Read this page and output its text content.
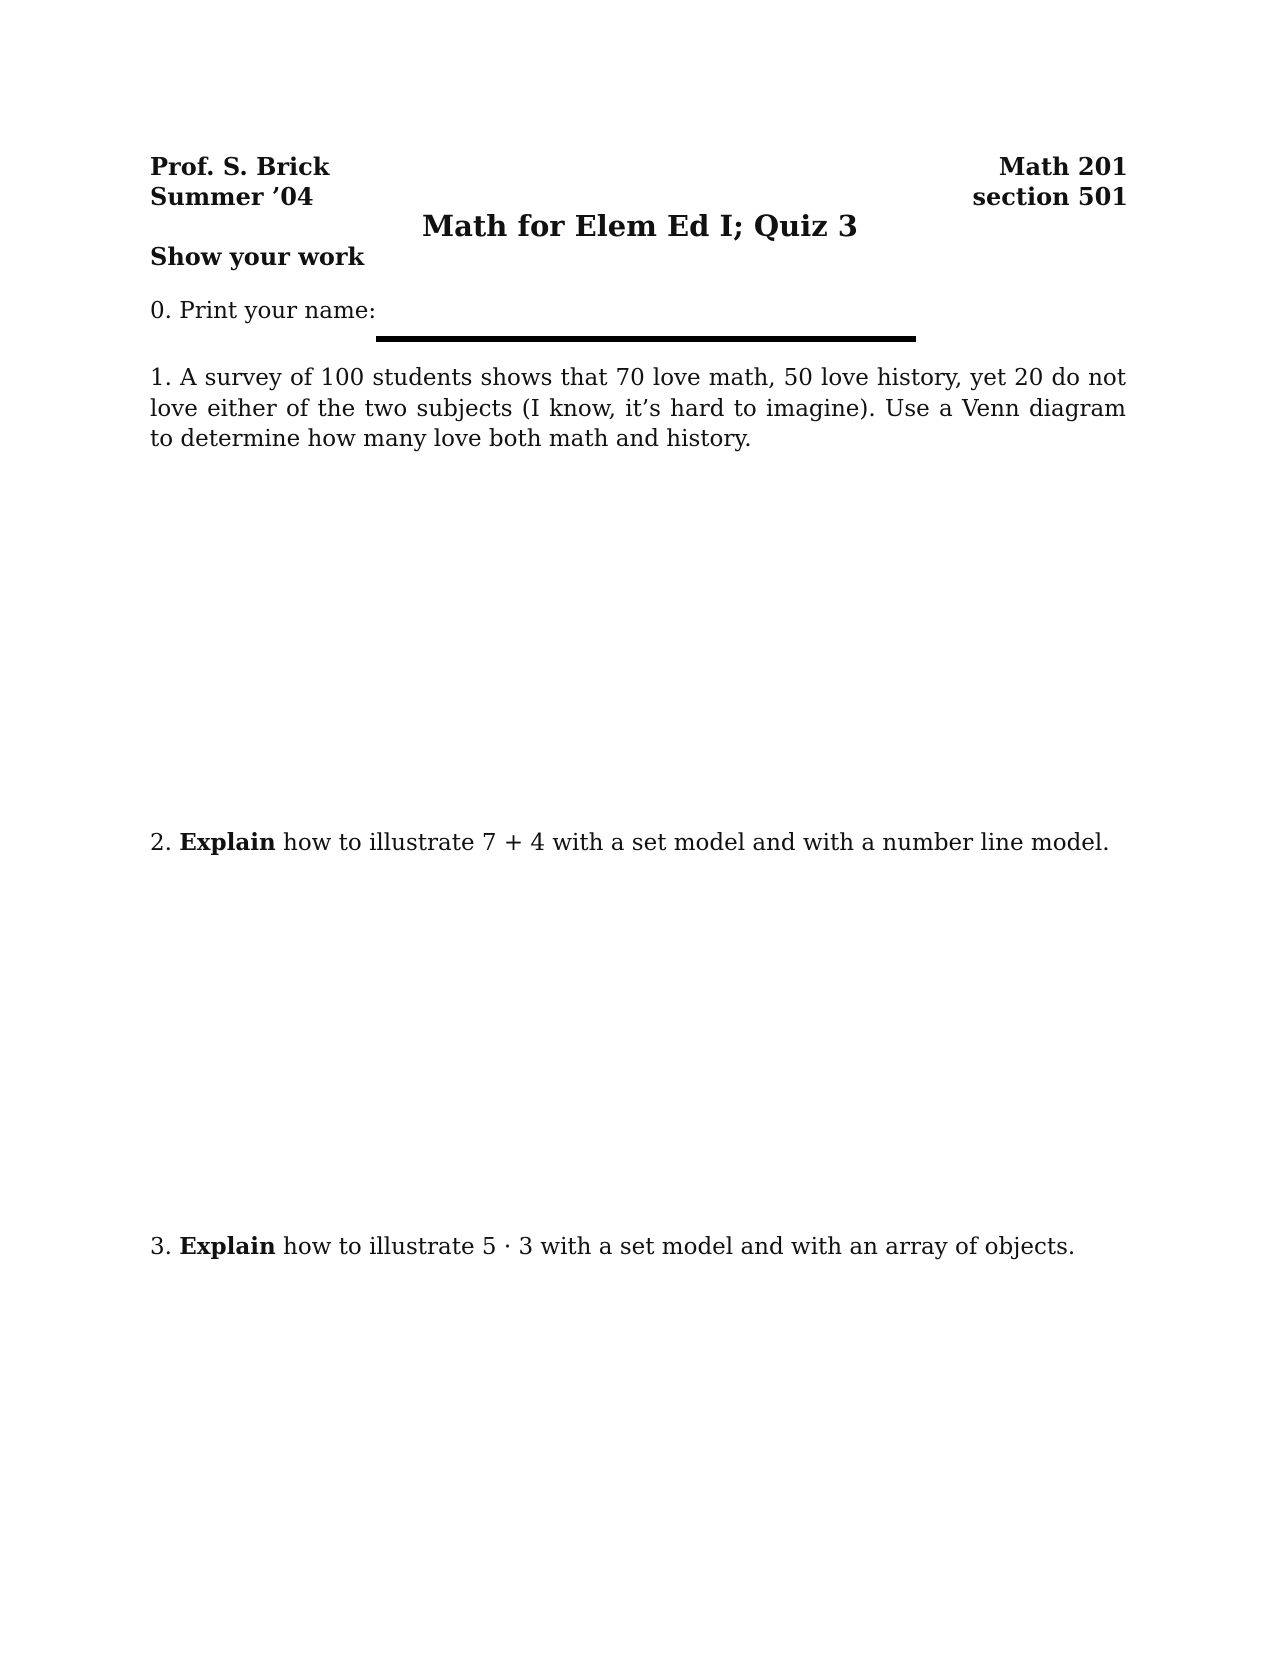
Prof. S. Brick
Summer ’04
Math 201
section 501
Math for Elem Ed I; Quiz 3
Show your work
0. Print your name:
1. A survey of 100 students shows that 70 love math, 50 love history, yet 20 do not love either of the two subjects (I know, it’s hard to imagine). Use a Venn diagram to determine how many love both math and history.
2. Explain how to illustrate 7 + 4 with a set model and with a number line model.
3. Explain how to illustrate 5 · 3 with a set model and with an array of objects.
